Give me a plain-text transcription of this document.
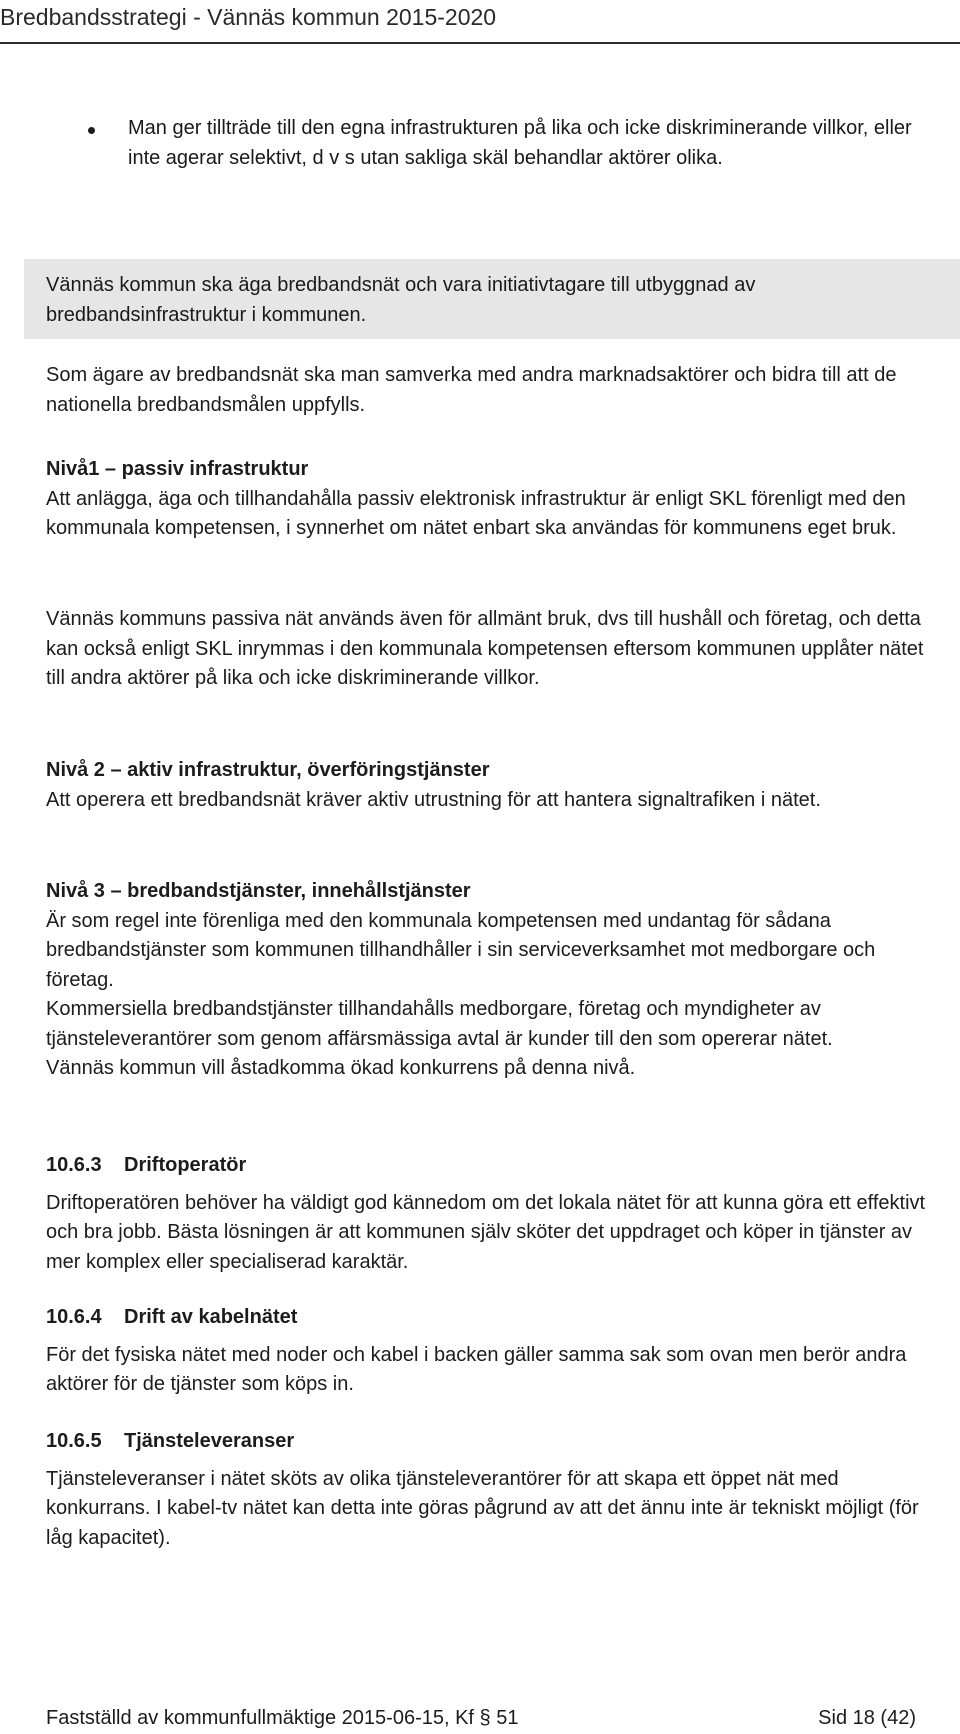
Bredbandsstrategi - Vännäs kommun 2015-2020
Man ger tillträde till den egna infrastrukturen på lika och icke diskriminerande villkor, eller inte agerar selektivt, d v s utan sakliga skäl behandlar aktörer olika.

Vännäs kommun ska äga bredbandsnät och vara initiativtagare till utbyggnad av bredbandsinfrastruktur i kommunen.

Som ägare av bredbandsnät ska man samverka med andra marknadsaktörer och bidra till att de nationella bredbandsmålen uppfylls.

Nivå1 – passiv infrastruktur

Att anlägga, äga och tillhandahålla passiv elektronisk infrastruktur är enligt SKL förenligt med den kommunala kompetensen, i synnerhet om nätet enbart ska användas för kommunens eget bruk.

Vännäs kommuns passiva nät används även för allmänt bruk, dvs till hushåll och företag, och detta kan också enligt SKL inrymmas i den kommunala kompetensen eftersom kommunen upplåter nätet till andra aktörer på lika och icke diskriminerande villkor.

Nivå 2 – aktiv infrastruktur, överföringstjänster

Att operera ett bredbandsnät kräver aktiv utrustning för att hantera signaltrafiken i nätet.

Nivå 3 – bredbandstjänster, innehållstjänster

Är som regel inte förenliga med den kommunala kompetensen med undantag för sådana bredbandstjänster som kommunen tillhandhåller i sin serviceverksamhet mot medborgare och företag.

Kommersiella bredbandstjänster tillhandahålls medborgare, företag och myndigheter av tjänsteleverantörer som genom affärsmässiga avtal är kunder till den som opererar nätet.

Vännäs kommun vill åstadkomma ökad konkurrens på denna nivå.

10.6.3 Driftoperatör

Driftoperatören behöver ha väldigt god kännedom om det lokala nätet för att kunna göra ett effektivt och bra jobb. Bästa lösningen är att kommunen själv sköter det uppdraget och köper in tjänster av mer komplex eller specialiserad karaktär.

10.6.4 Drift av kabelnätet

För det fysiska nätet med noder och kabel i backen gäller samma sak som ovan men berör andra aktörer för de tjänster som köps in.

10.6.5 Tjänsteleveranser

Tjänsteleveranser i nätet sköts av olika tjänsteleverantörer för att skapa ett öppet nät med konkurrans. I kabel-tv nätet kan detta inte göras pågrund av att det ännu inte är tekniskt möjligt (för låg kapacitet).

Fastställd av kommunfullmäktige 2015-06-15, Kf § 51	Sid 18 (42)
